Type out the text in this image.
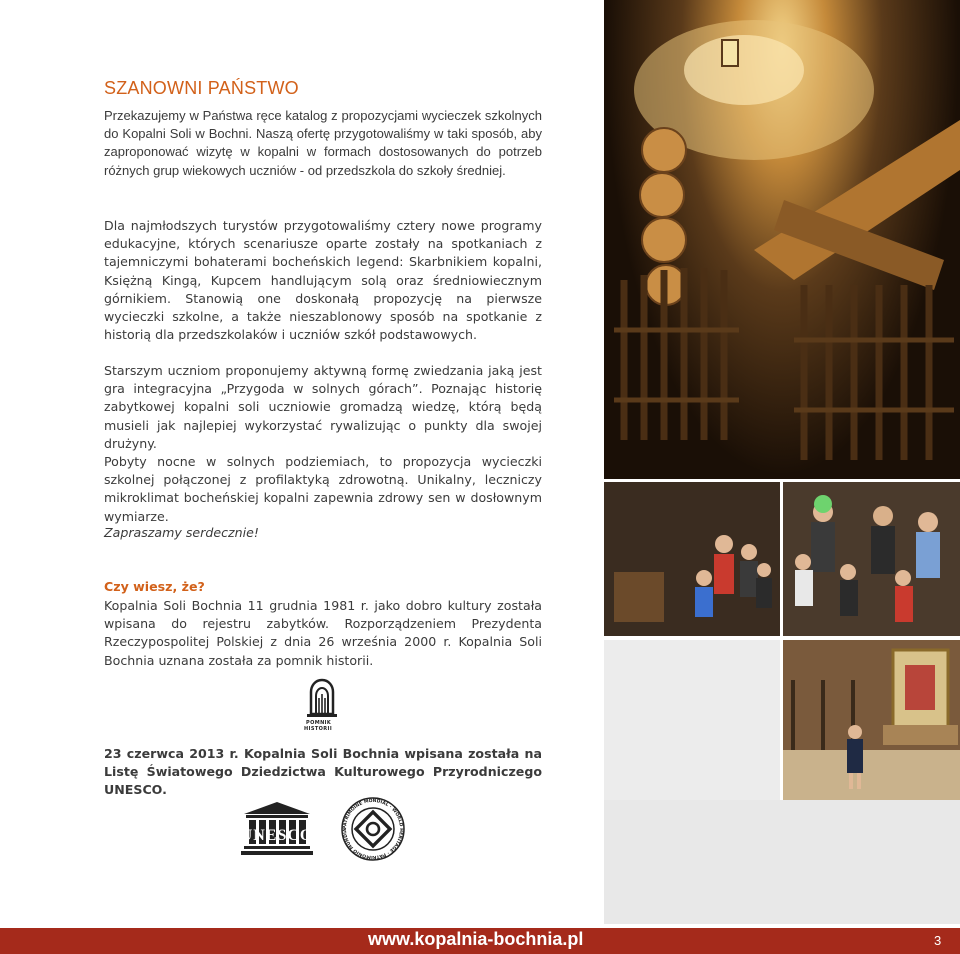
SZANOWNI PAŃSTWO

Przekazujemy w Państwa ręce katalog z propozycjami wycieczek szkolnych do Kopalni Soli w Bochni. Naszą ofertę przygotowaliśmy w taki sposób, aby zaproponować wizytę w kopalni w formach dostosowanych do potrzeb różnych grup wiekowych uczniów - od przedszkola do szkoły średniej.

Dla najmłodszych turystów przygotowaliśmy cztery nowe programy edukacyjne, których scenariusze oparte zostały na spotkaniach z tajemniczymi bohaterami bocheńskich legend: Skarbnikiem kopalni, Księżną Kingą, Kupcem handlującym solą oraz średniowiecznym górnikiem. Stanowią one doskonałą propozycję na pierwsze wycieczki szkolne, a także nieszablonowy sposób na spotkanie z historią dla przedszkolaków i uczniów szkół podstawowych.

Starszym uczniom proponujemy aktywną formę zwiedzania jaką jest gra integracyjna „Przygoda w solnych górach”. Poznając historię zabytkowej kopalni soli uczniowie gromadzą wiedzę, którą będą musieli jak najlepiej wykorzystać rywalizując o punkty dla swojej drużyny.

Pobyty nocne w solnych podziemiach, to propozycja wycieczki szkolnej połączonej z profilaktyką zdrowotną. Unikalny, leczniczy mikroklimat bocheńskiej kopalni zapewnia zdrowy sen w dosłownym wymiarze.

Zapraszamy serdecznie!
Czy wiesz, że?

Kopalnia Soli Bochnia 11 grudnia 1981 r. jako dobro kultury została wpisana do rejestru zabytków. Rozporządzeniem Prezydenta Rzeczypospolitej Polskiej z dnia 26 września 2000 r. Kopalnia Soli Bochnia uznana została za pomnik historii.

POMNIK
HISTORII

23 czerwca 2013 r. Kopalnia Soli Bochnia wpisana została na Listę Światowego Dziedzictwa Kulturowego Przyrodniczego UNESCO.

UNESCO	PATRIMOINE MONDIAL · WORLD HERITAGE · PATRIMONIO MUNDIA
www.kopalnia-bochnia.pl	3
